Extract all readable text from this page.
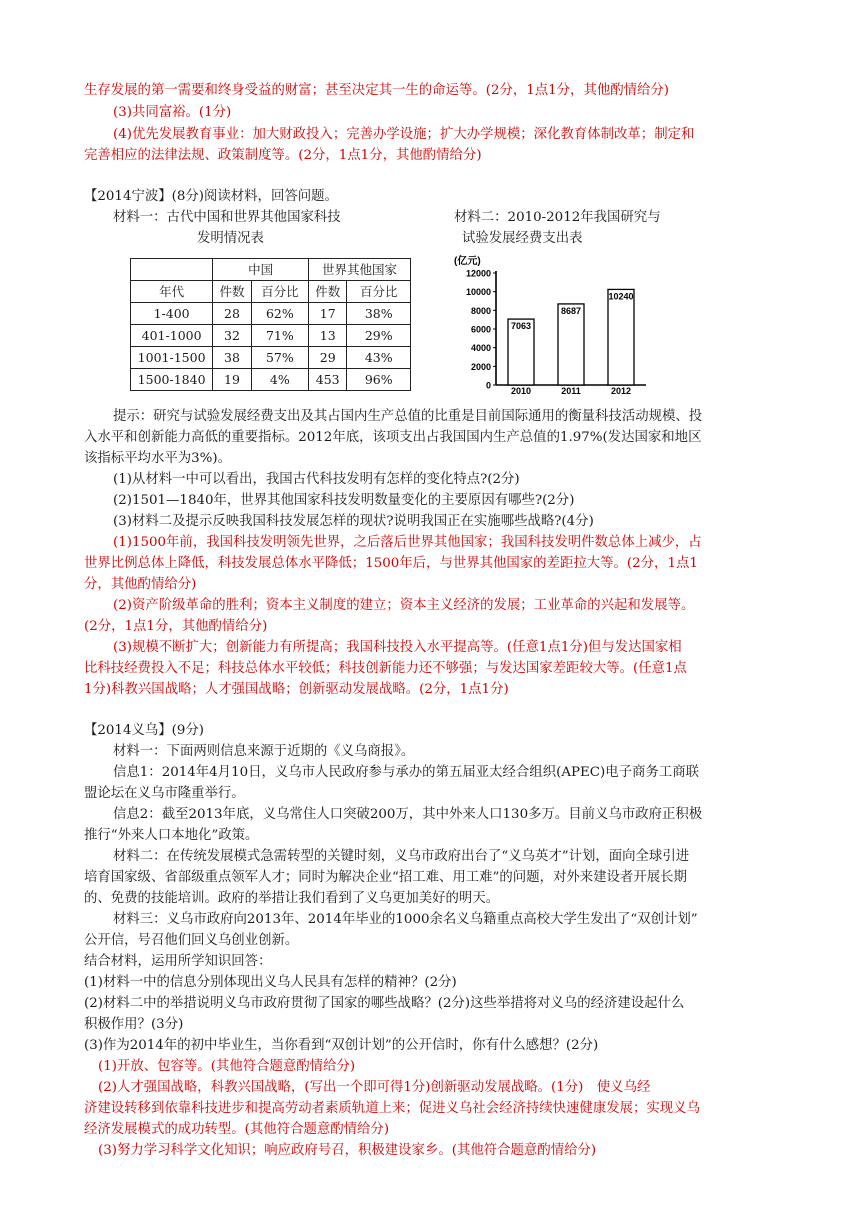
生存发展的第一需要和终身受益的财富；甚至决定其一生的命运等。(2分，1点1分，其他酌情给分)
(3)共同富裕。(1分)
(4)优先发展教育事业：加大财政投入；完善办学设施；扩大办学规模；深化教育体制改革；制定和
完善相应的法律法规、政策制度等。(2分，1点1分，其他酌情给分)
【2014宁波】(8分)阅读材料，回答问题。
材料一：古代中国和世界其他国家科技
发明情况表
材料二：2010-2012年我国研究与
试验发展经费支出表
	中国		世界其他国家	
年代	件数	百分比	件数	百分比
1-400	28	62%	17	38%
401-1000	32	71%	13	29%
1001-1500	38	57%	29	43%
1500-1840	19	4%	453	96%
(亿元)
0
2000
4000
6000
8000
10000
12000
7063
2010
8687
2011
10240
2012
提示：研究与试验发展经费支出及其占国内生产总值的比重是目前国际通用的衡量科技活动规模、投
入水平和创新能力高低的重要指标。2012年底，该项支出占我国国内生产总值的1.97%(发达国家和地区
该指标平均水平为3%)。
(1)从材料一中可以看出，我国古代科技发明有怎样的变化特点?(2分)
(2)1501—1840年，世界其他国家科技发明数量变化的主要原因有哪些?(2分)
(3)材料二及提示反映我国科技发展怎样的现状?说明我国正在实施哪些战略?(4分)
(1)1500年前，我国科技发明领先世界，之后落后世界其他国家；我国科技发明件数总体上减少，占
世界比例总体上降低，科技发展总体水平降低；1500年后，与世界其他国家的差距拉大等。(2分，1点1
分，其他酌情给分)
(2)资产阶级革命的胜利；资本主义制度的建立；资本主义经济的发展；工业革命的兴起和发展等。
(2分，1点1分，其他酌情给分)
(3)规模不断扩大；创新能力有所提高；我国科技投入水平提高等。(任意1点1分)但与发达国家相
比科技经费投入不足；科技总体水平较低；科技创新能力还不够强；与发达国家差距较大等。(任意1点
1分)科教兴国战略；人才强国战略；创新驱动发展战略。(2分，1点1分)
【2014义乌】(9分)
材料一：下面两则信息来源于近期的《义乌商报》。
信息1：2014年4月10日，义乌市人民政府参与承办的第五届亚太经合组织(APEC)电子商务工商联
盟论坛在义乌市隆重举行。
信息2：截至2013年底，义乌常住人口突破200万，其中外来人口130多万。目前义乌市政府正积极
推行“外来人口本地化”政策。
材料二：在传统发展模式急需转型的关键时刻，义乌市政府出台了“义乌英才”计划，面向全球引进
培育国家级、省部级重点领军人才；同时为解决企业“招工难、用工难”的问题，对外来建设者开展长期
的、免费的技能培训。政府的举措让我们看到了义乌更加美好的明天。
材料三：义乌市政府向2013年、2014年毕业的1000余名义乌籍重点高校大学生发出了“双创计划”
公开信，号召他们回义乌创业创新。
结合材料，运用所学知识回答：
(1)材料一中的信息分别体现出义乌人民具有怎样的精神？(2分)
(2)材料二中的举措说明义乌市政府贯彻了国家的哪些战略？(2分)这些举措将对义乌的经济建设起什么
积极作用？(3分)
(3)作为2014年的初中毕业生，当你看到“双创计划”的公开信时，你有什么感想？(2分)
(1)开放、包容等。(其他符合题意酌情给分)
(2)人才强国战略，科教兴国战略，(写出一个即可得1分)创新驱动发展战略。(1分)　使义乌经
济建设转移到依靠科技进步和提高劳动者素质轨道上来；促进义乌社会经济持续快速健康发展；实现义乌
经济发展模式的成功转型。(其他符合题意酌情给分)
(3)努力学习科学文化知识；响应政府号召，积极建设家乡。(其他符合题意酌情给分)
